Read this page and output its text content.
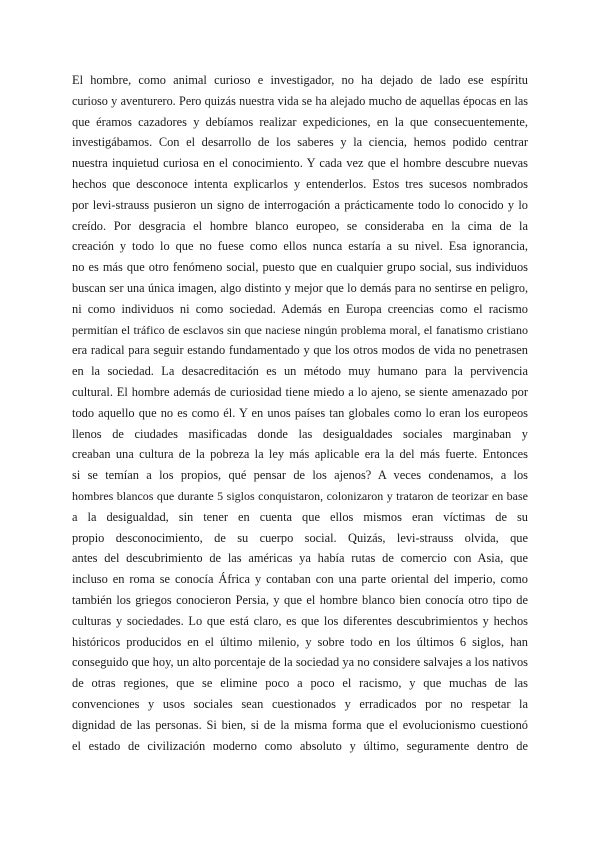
El hombre, como animal curioso e investigador, no ha dejado de lado ese espíritu
curioso y aventurero. Pero quizás nuestra vida se ha alejado mucho de aquellas épocas en las
que éramos cazadores y debíamos realizar expediciones, en la que consecuentemente,
investigábamos. Con el desarrollo de los saberes y la ciencia, hemos podido centrar
nuestra inquietud curiosa en el conocimiento. Y cada vez que el hombre descubre nuevas
hechos que desconoce intenta explicarlos y entenderlos. Estos tres sucesos nombrados
por levi-strauss pusieron un signo de interrogación a prácticamente todo lo conocido y lo
creído. Por desgracia el hombre blanco europeo, se consideraba en la cima de la
creación y todo lo que no fuese como ellos nunca estaría a su nivel. Esa ignorancia,
no es más que otro fenómeno social, puesto que en cualquier grupo social, sus individuos
buscan ser una única imagen, algo distinto y mejor que lo demás para no sentirse en peligro,
ni como individuos ni como sociedad. Además en Europa creencias como el racismo
permitían el tráfico de esclavos sin que naciese ningún problema moral, el fanatismo cristiano
era radical para seguir estando fundamentado y que los otros modos de vida no penetrasen
en la sociedad. La desacreditación es un método muy humano para la pervivencia
cultural. El hombre además de curiosidad tiene miedo a lo ajeno, se siente amenazado por
todo aquello que no es como él. Y en unos países tan globales como lo eran los europeos
llenos de ciudades masificadas donde las desigualdades sociales marginaban y
creaban una cultura de la pobreza la ley más aplicable era la del más fuerte. Entonces
si se temían a los propios, qué pensar de los ajenos? A veces condenamos, a los
hombres blancos que durante 5 siglos conquistaron, colonizaron y trataron de teorizar en base
a la desigualdad, sin tener en cuenta que ellos mismos eran víctimas de su
propio desconocimiento, de su cuerpo social. Quizás, levi-strauss olvida, que
antes del descubrimiento de las américas ya había rutas de comercio con Asia, que
incluso en roma se conocía África y contaban con una parte oriental del imperio, como
también los griegos conocieron Persia, y que el hombre blanco bien conocía otro tipo de
culturas y sociedades. Lo que está claro, es que los diferentes descubrimientos y hechos
históricos producidos en el último milenio, y sobre todo en los últimos 6 siglos, han
conseguido que hoy, un alto porcentaje de la sociedad ya no considere salvajes a los nativos
de otras regiones, que se elimine poco a poco el racismo, y que muchas de las
convenciones y usos sociales sean cuestionados y erradicados por no respetar la
dignidad de las personas. Si bien, si de la misma forma que el evolucionismo cuestionó
el estado de civilización moderno como absoluto y último, seguramente dentro de
